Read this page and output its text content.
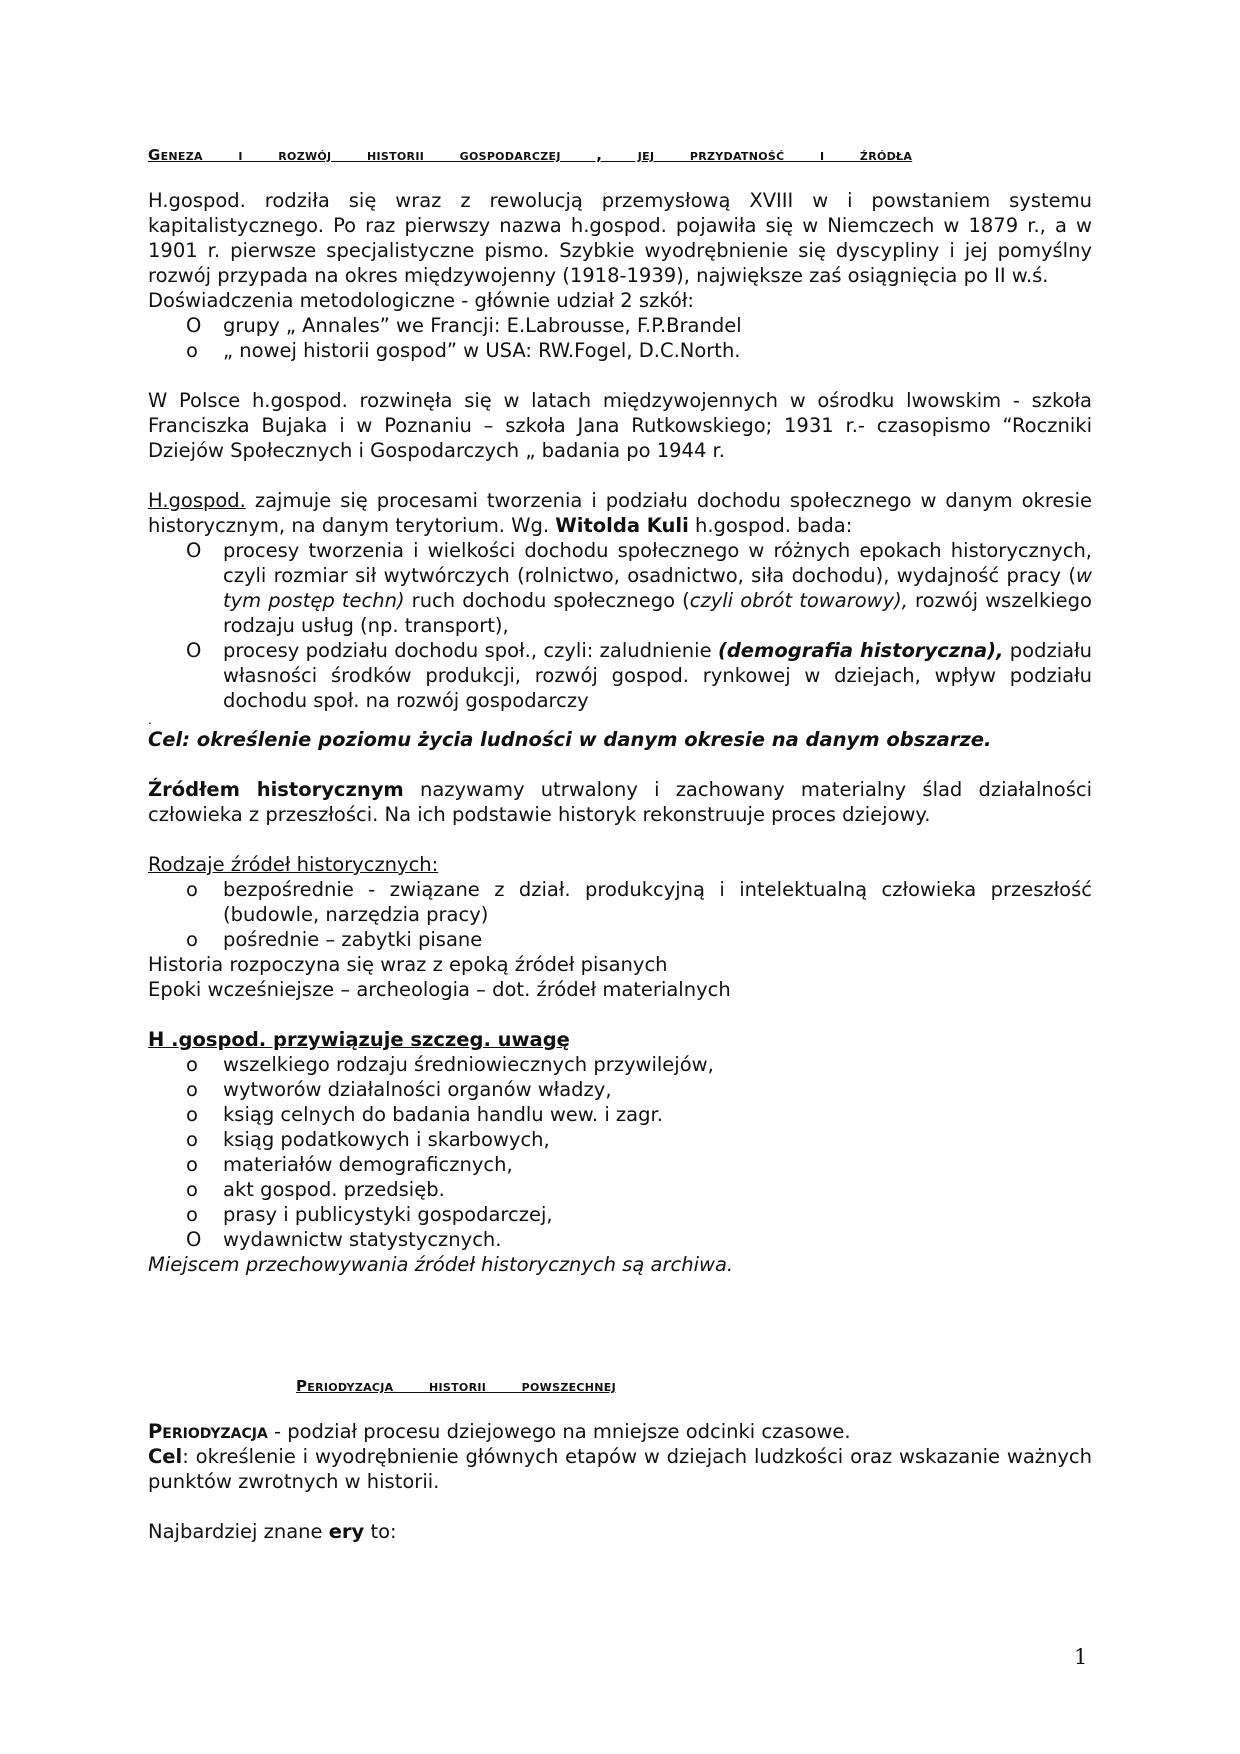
Geneza i rozwój historii gospodarczej , jej przydatność i źródła

H.gospod. rodziła się wraz z rewolucją przemysłową XVIII w i powstaniem systemu kapitalistycznego. Po raz pierwszy nazwa h.gospod. pojawiła się w Niemczech w 1879 r., a w 1901 r. pierwsze specjalistyczne pismo. Szybkie wyodrębnienie się dyscypliny i jej pomyślny rozwój przypada na okres międzywojenny (1918-1939), największe zaś osiągnięcia po II w.ś.

Doświadczenia metodologiczne - głównie udział 2 szkół:

O grupy „ Annales” we Francji: E.Labrousse, F.P.Brandel
o „ nowej historii gospod” w USA: RW.Fogel, D.C.North.

W Polsce h.gospod. rozwinęła się w latach międzywojennych w ośrodku lwowskim - szkoła Franciszka Bujaka i w Poznaniu – szkoła Jana Rutkowskiego; 1931 r.- czasopismo “Roczniki Dziejów Społecznych i Gospodarczych „ badania po 1944 r.

H.gospod. zajmuje się procesami tworzenia i podziału dochodu społecznego w danym okresie historycznym, na danym terytorium. Wg. Witolda Kuli h.gospod. bada:

O procesy tworzenia i wielkości dochodu społecznego w różnych epokach historycznych, czyli rozmiar sił wytwórczych (rolnictwo, osadnictwo, siła dochodu), wydajność pracy (w tym postęp techn) ruch dochodu społecznego (czyli obrót towarowy), rozwój wszelkiego rodzaju usług (np. transport),
O procesy podziału dochodu społ., czyli: zaludnienie (demografia historyczna), podziału własności środków produkcji, rozwój gospod. rynkowej w dziejach, wpływ podziału dochodu społ. na rozwój gospodarczy

.

Cel: określenie poziomu życia ludności w danym okresie na danym obszarze.

Źródłem historycznym nazywamy utrwalony i zachowany materialny ślad działalności człowieka z przeszłości. Na ich podstawie historyk rekonstruuje proces dziejowy.

Rodzaje źródeł historycznych:

o bezpośrednie - związane z dział. produkcyjną i intelektualną człowieka przeszłość (budowle, narzędzia pracy)
o pośrednie – zabytki pisane

Historia rozpoczyna się wraz z epoką źródeł pisanych

Epoki wcześniejsze – archeologia – dot. źródeł materialnych

H .gospod. przywiązuje szczeg. uwagę

o wszelkiego rodzaju średniowiecznych przywilejów,
o wytworów działalności organów władzy,
o ksiąg celnych do badania handlu wew. i zagr.
o ksiąg podatkowych i skarbowych,
o materiałów demograficznych,
o akt gospod. przedsięb.
o prasy i publicystyki gospodarczej,
O wydawnictw statystycznych.

Miejscem przechowywania źródeł historycznych są archiwa.

Periodyzacja historii powszechnej

Periodyzacja - podział procesu dziejowego na mniejsze odcinki czasowe.

Cel: określenie i wyodrębnienie głównych etapów w dziejach ludzkości oraz wskazanie ważnych punktów zwrotnych w historii.

Najbardziej znane ery to:

1
